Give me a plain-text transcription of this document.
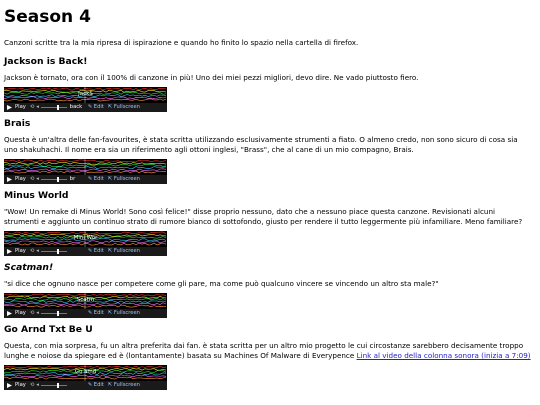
Season 4

Canzoni scritte tra la mia ripresa di ispirazione e quando ho finito lo spazio nella cartella di firefox.

Jackson is Back!

Jackson è tornato, ora con il 100% di canzone in più! Uno dei miei pezzi migliori, devo dire. Ne vado piuttosto fiero.

JackS
Play ⟲ ◂	back	✎ Edit ⇱ Fullscreen
Brais

Questa è un'altra delle fan-favourites, è stata scritta utilizzando esclusivamente strumenti a fiato. O almeno credo, non sono sicuro di cosa sia uno shakuhachi. Il nome era sia un riferimento agli ottoni inglesi, "Brass", che al cane di un mio compagno, Brais.

Play ⟲ ◂	br	✎ Edit ⇱ Fullscreen
Minus World

"Wow! Un remake di Minus World! Sono così felice!" disse proprio nessuno, dato che a nessuno piace questa canzone. Revisionati alcuni strumenti e aggiunto un continuo strato di rumore bianco di sottofondo, giusto per rendere il tutto leggermente più infamiliare. Meno familiare?

Mini Wor
Play ⟲ ◂	✎ Edit ⇱ Fullscreen
Scatman!

"si dice che ognuno nasce per competere come gli pare, ma come può qualcuno vincere se vincendo un altro sta male?"

Scatm
Play ⟲ ◂	✎ Edit ⇱ Fullscreen
Go Arnd Txt Be U

Questa, con mia sorpresa, fu un altra preferita dai fan. è stata scritta per un altro mio progetto le cui circostanze sarebbero decisamente troppo lunghe e noiose da spiegare ed è (lontantamente) basata su Machines Of Malware di Everypence Link al video della colonna sonora (inizia a 7:09)

Go amd
Play ⟲ ◂	✎ Edit ⇱ Fullscreen
